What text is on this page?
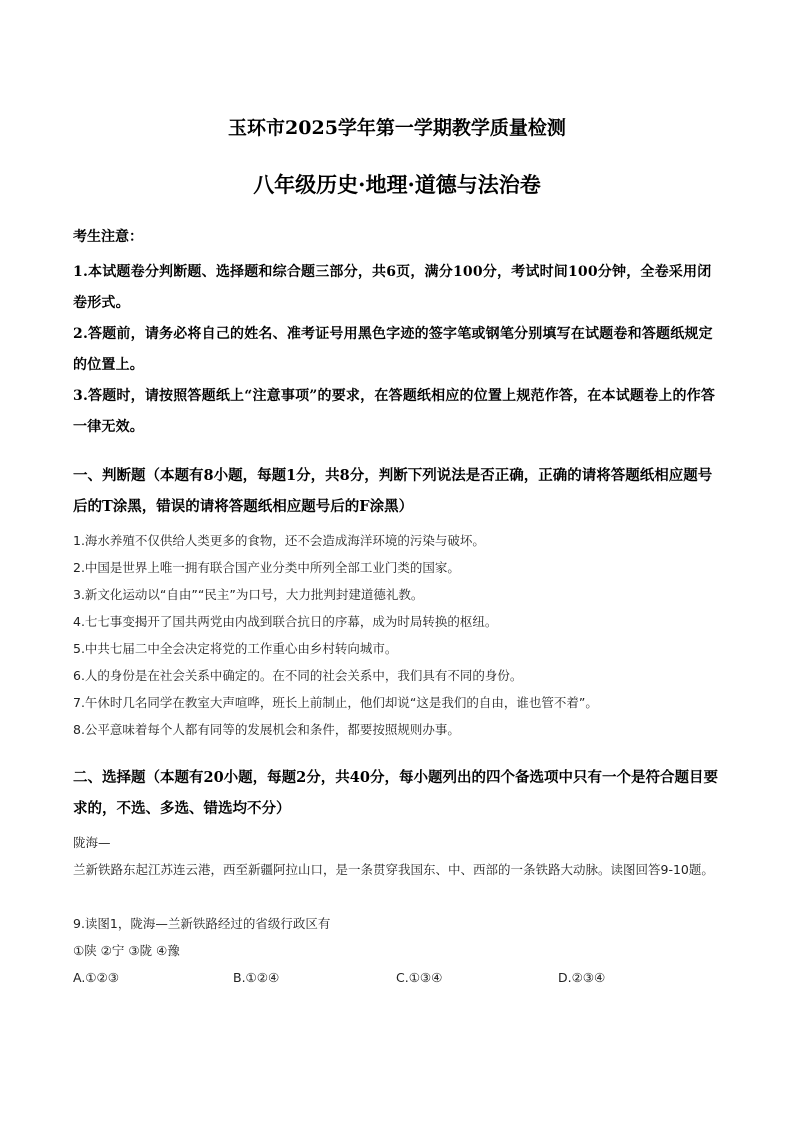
玉环市2025学年第一学期教学质量检测
八年级历史·地理·道德与法治卷
考生注意：
1.本试题卷分判断题、选择题和综合题三部分，共6页，满分100分，考试时间100分钟，全卷采用闭卷形式。
2.答题前，请务必将自己的姓名、准考证号用黑色字迹的签字笔或钢笔分别填写在试题卷和答题纸规定的位置上。
3.答题时，请按照答题纸上“注意事项”的要求，在答题纸相应的位置上规范作答，在本试题卷上的作答一律无效。
一、判断题（本题有8小题，每题1分，共8分，判断下列说法是否正确，正确的请将答题纸相应题号后的T涂黑，错误的请将答题纸相应题号后的F涂黑）
1.海水养殖不仅供给人类更多的食物，还不会造成海洋环境的污染与破坏。
2.中国是世界上唯一拥有联合国产业分类中所列全部工业门类的国家。
3.新文化运动以“自由”“民主”为口号，大力批判封建道德礼教。
4.七七事变揭开了国共两党由内战到联合抗日的序幕，成为时局转换的枢纽。
5.中共七届二中全会决定将党的工作重心由乡村转向城市。
6.人的身份是在社会关系中确定的。在不同的社会关系中，我们具有不同的身份。
7.午休时几名同学在教室大声喧哗，班长上前制止，他们却说“这是我们的自由，谁也管不着”。
8.公平意味着每个人都有同等的发展机会和条件，都要按照规则办事。
二、选择题（本题有20小题，每题2分，共40分，每小题列出的四个备选项中只有一个是符合题目要求的，不选、多选、错选均不分）
陇海—
兰新铁路东起江苏连云港，西至新疆阿拉山口，是一条贯穿我国东、中、西部的一条铁路大动脉。读图回答9-10题。
9.读图1，陇海—兰新铁路经过的省级行政区有
①陕 ②宁 ③陇 ④豫
A.①②③	B.①②④	C.①③④	D.②③④
